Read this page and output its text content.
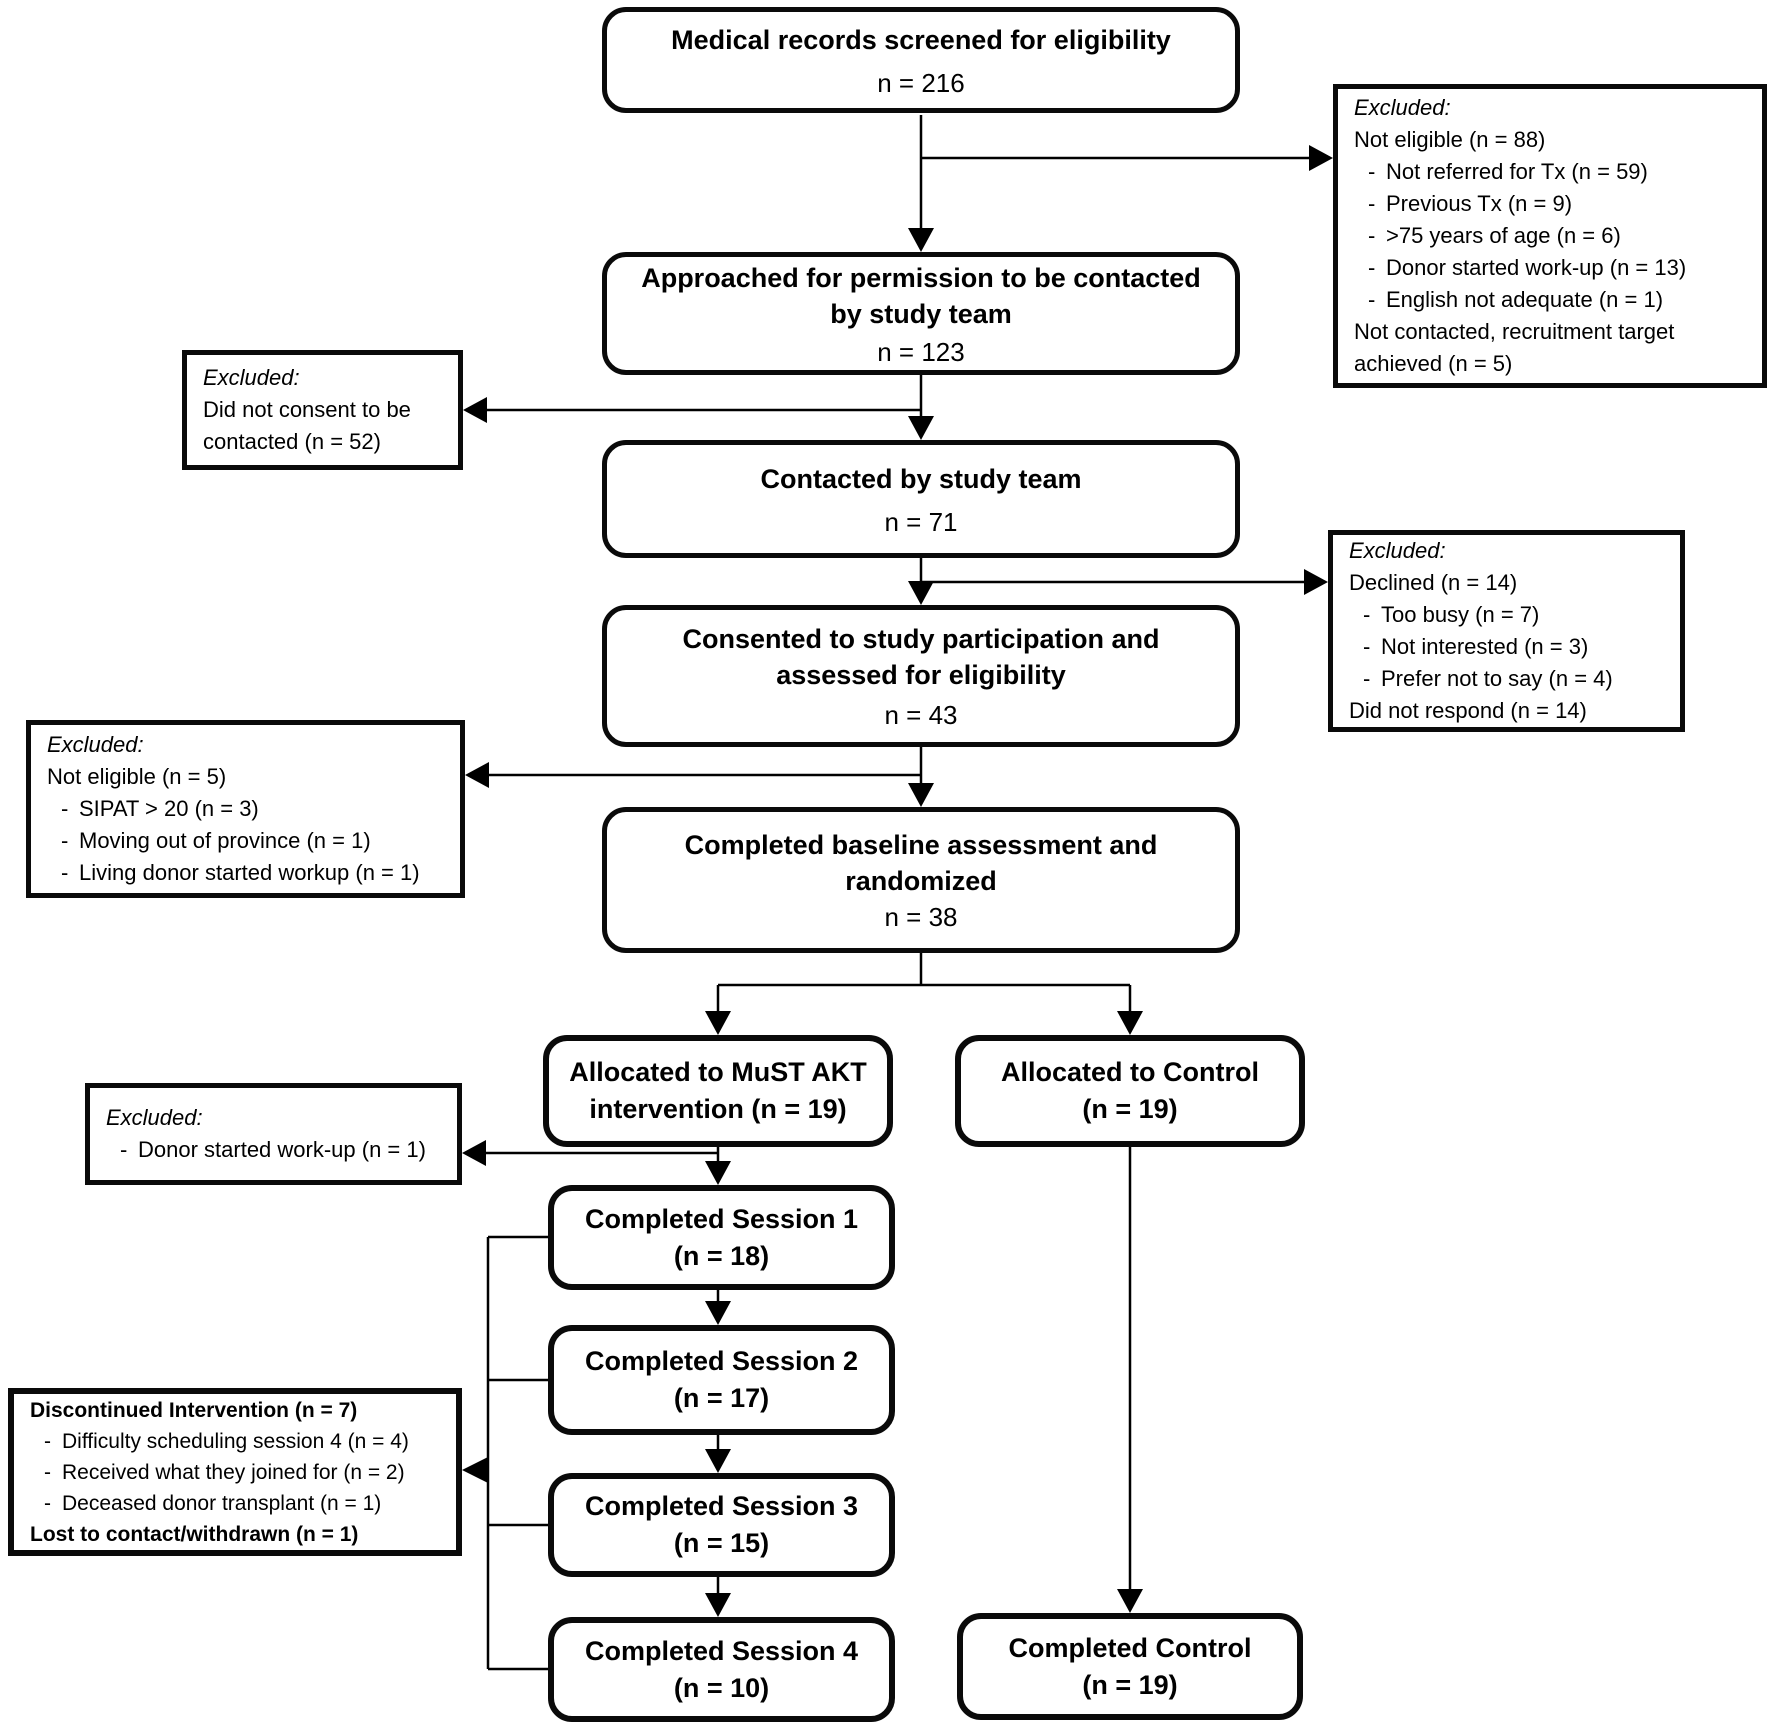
Medical records screened for eligibility
n = 216
Approached for permission to be contacted by study team
n = 123
Contacted by study team
n = 71
Consented to study participation and assessed for eligibility
n = 43
Completed baseline assessment and randomized
n = 38
Allocated to MuST AKT
intervention (n = 19)
Allocated to Control
(n = 19)
Completed Session 1
(n = 18)
Completed Session 2
(n = 17)
Completed Session 3
(n = 15)
Completed Session 4
(n = 10)
Completed Control
(n = 19)
Excluded:
Not eligible (n = 88)
- Not referred for Tx (n = 59)
- Previous Tx (n = 9)
- >75 years of age (n = 6)
- Donor started work-up (n = 13)
- English not adequate (n = 1)
Not contacted, recruitment target achieved (n = 5)
Excluded:
Did not consent to be contacted (n = 52)
Excluded:
Declined (n = 14)
- Too busy (n = 7)
- Not interested (n = 3)
- Prefer not to say (n = 4)
Did not respond (n = 14)
Excluded:
Not eligible (n = 5)
- SIPAT > 20 (n = 3)
- Moving out of province (n = 1)
- Living donor started workup (n = 1)
Excluded:
- Donor started work-up (n = 1)
Discontinued Intervention (n = 7)
- Difficulty scheduling session 4 (n = 4)
- Received what they joined for (n = 2)
- Deceased donor transplant (n = 1)
Lost to contact/withdrawn (n = 1)
